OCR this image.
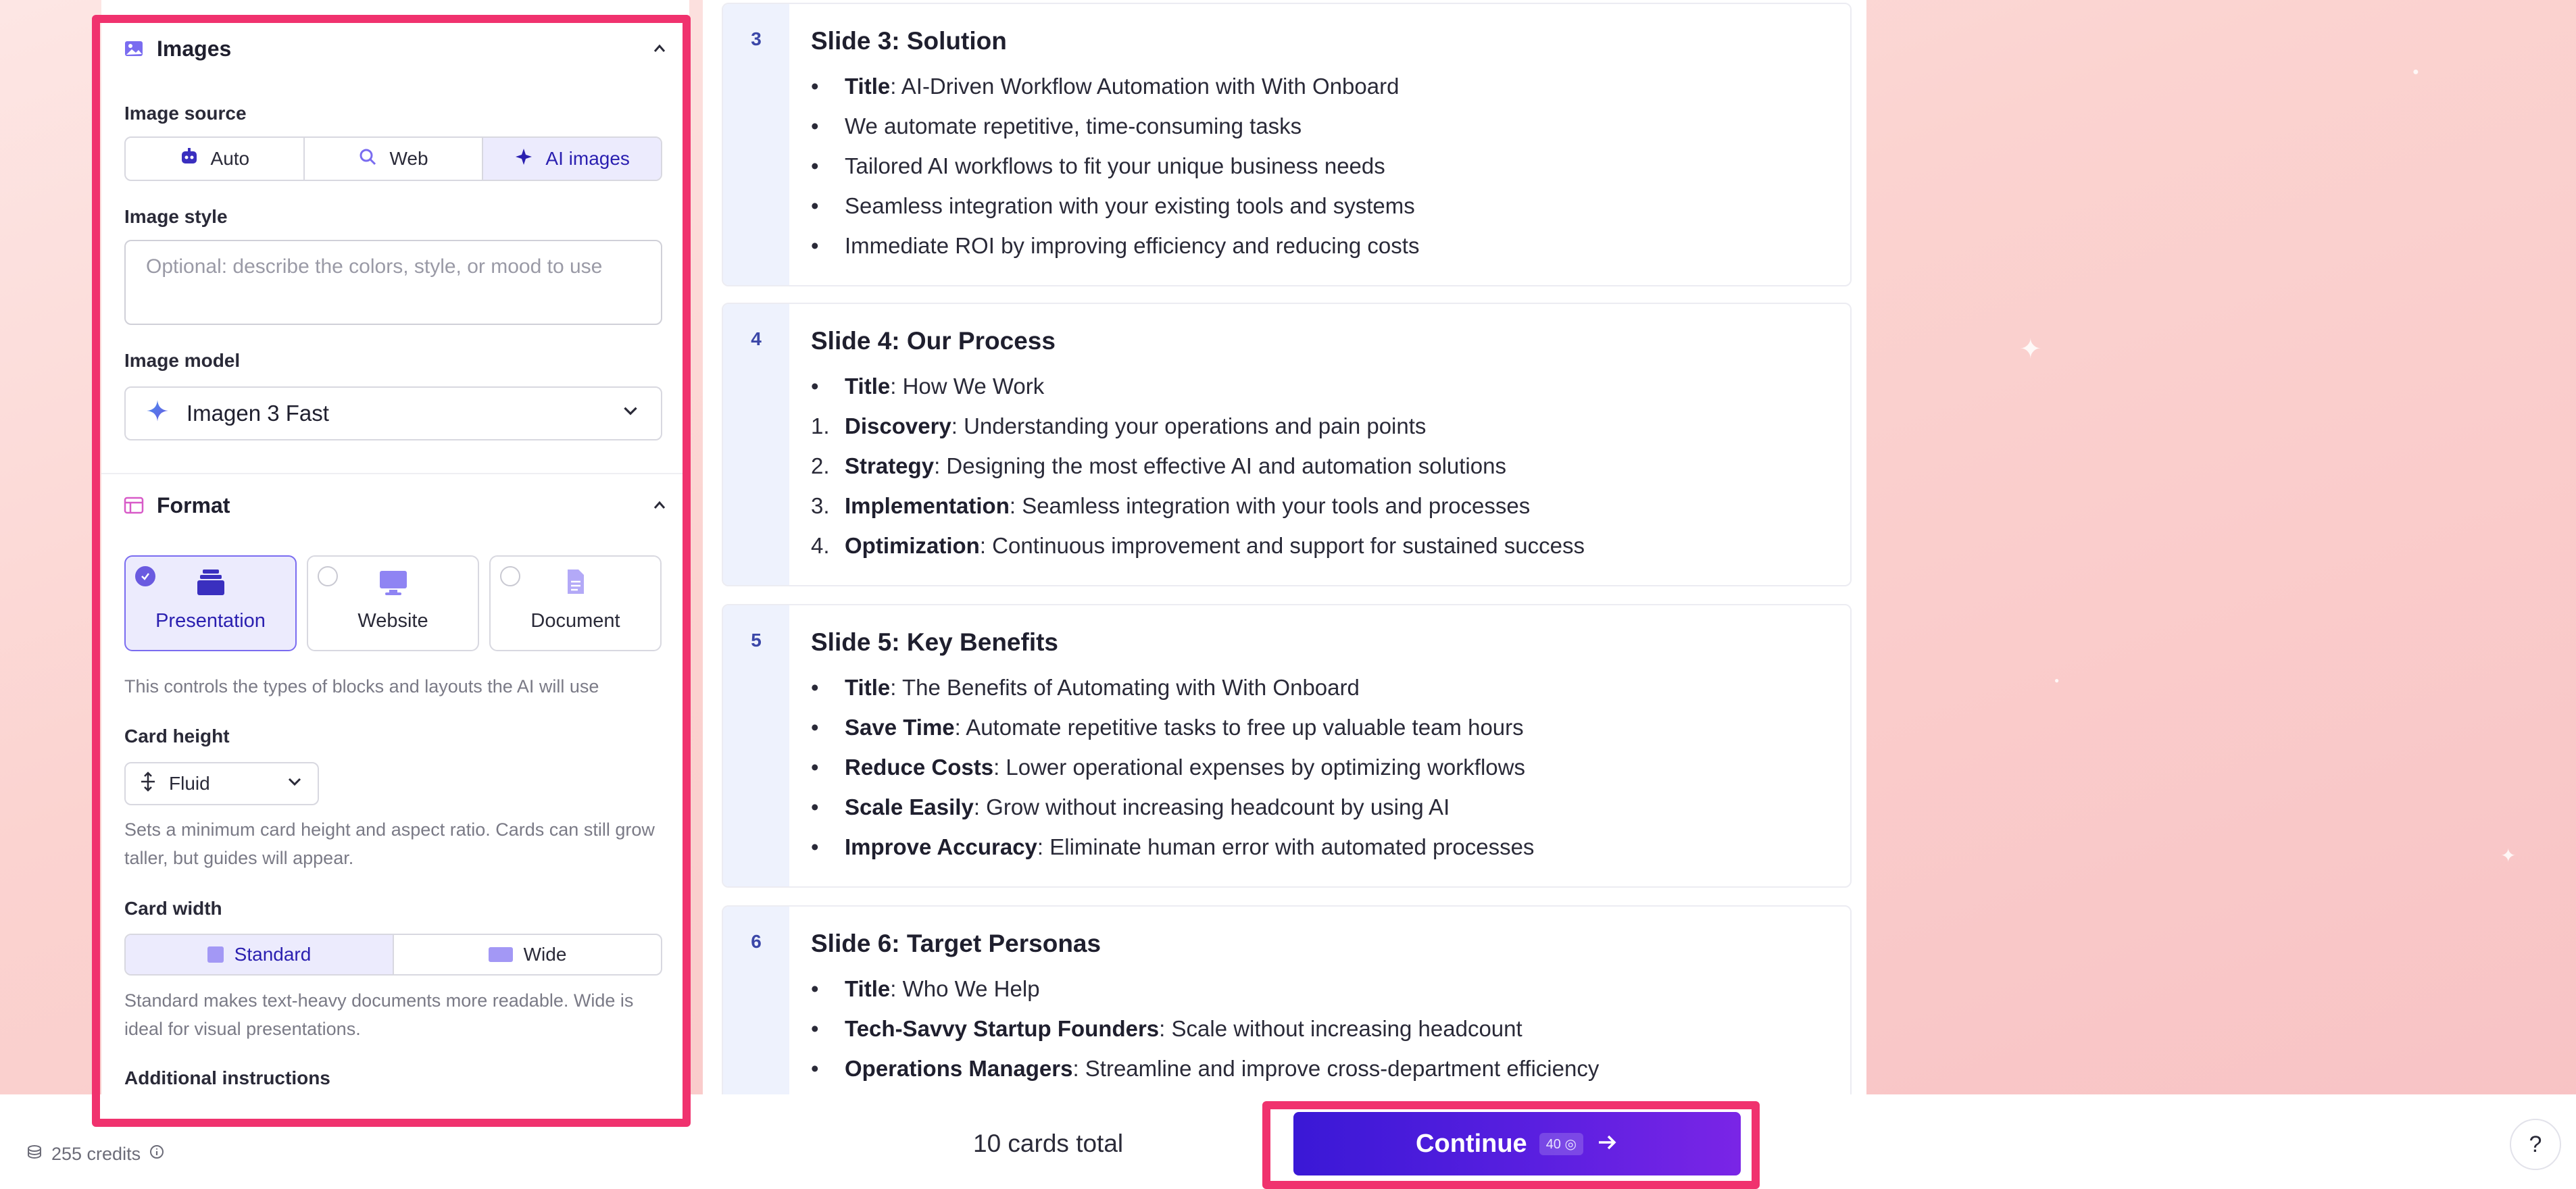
✦
●
✦
●
Images
Image source
Auto	Web	AI images
Image style
Optional: describe the colors, style, or mood to use
Image model
Imagen 3 Fast
Format
Presentation	Website	Document
This controls the types of blocks and layouts the AI will use
Card height
Fluid
Sets a minimum card height and aspect ratio. Cards can still grow taller, but guides will appear.
Card width
Standard	Wide
Standard makes text-heavy documents more readable. Wide is ideal for visual presentations.
Additional instructions
3	Slide 3: Solution
•	Title: AI-Driven Workflow Automation with With Onboard
•	We automate repetitive, time-consuming tasks
•	Tailored AI workflows to fit your unique business needs
•	Seamless integration with your existing tools and systems
•	Immediate ROI by improving efficiency and reducing costs
4	Slide 4: Our Process
•	Title: How We Work
1. Discovery: Understanding your operations and pain points
2. Strategy: Designing the most effective AI and automation solutions
3. Implementation: Seamless integration with your tools and processes
4. Optimization: Continuous improvement and support for sustained success
5	Slide 5: Key Benefits
•	Title: The Benefits of Automating with With Onboard
•	Save Time: Automate repetitive tasks to free up valuable team hours
•	Reduce Costs: Lower operational expenses by optimizing workflows
•	Scale Easily: Grow without increasing headcount by using AI
•	Improve Accuracy: Eliminate human error with automated processes
6	Slide 6: Target Personas
•	Title: Who We Help
•	Tech-Savvy Startup Founders: Scale without increasing headcount
•	Operations Managers: Streamline and improve cross-department efficiency
255 credits	10 cards total	Continue	40 ◎	?
